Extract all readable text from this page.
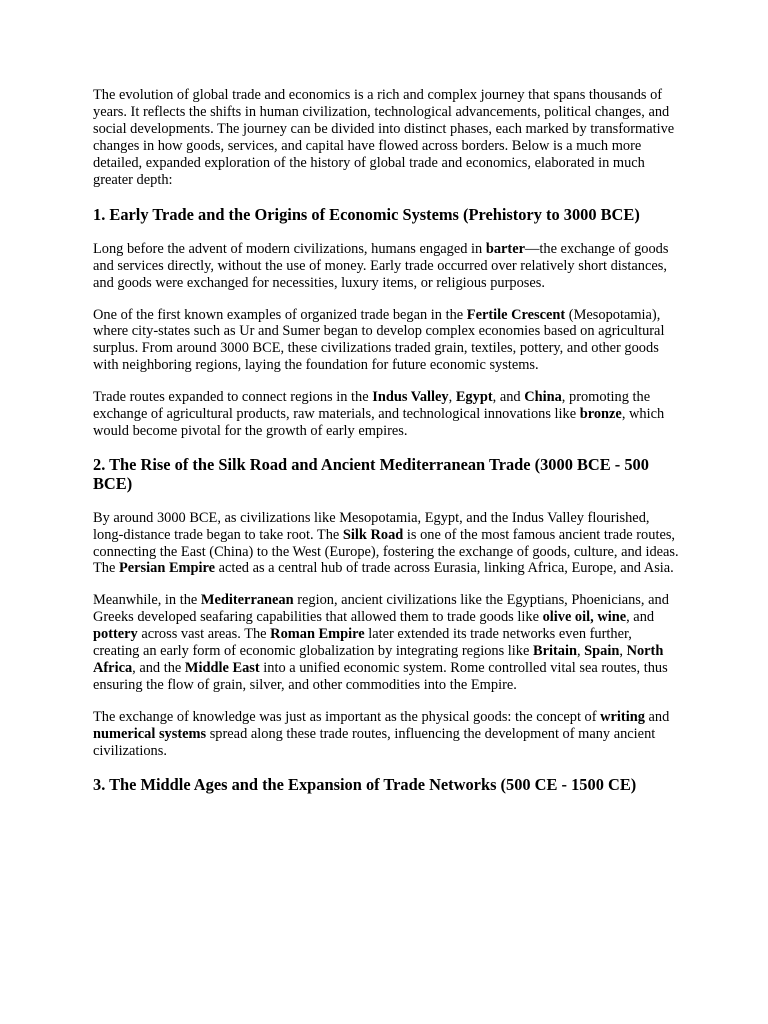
The evolution of global trade and economics is a rich and complex journey that spans thousands of years. It reflects the shifts in human civilization, technological advancements, political changes, and social developments. The journey can be divided into distinct phases, each marked by transformative changes in how goods, services, and capital have flowed across borders. Below is a much more detailed, expanded exploration of the history of global trade and economics, elaborated in much greater depth:

1. Early Trade and the Origins of Economic Systems (Prehistory to 3000 BCE)

Long before the advent of modern civilizations, humans engaged in barter—the exchange of goods and services directly, without the use of money. Early trade occurred over relatively short distances, and goods were exchanged for necessities, luxury items, or religious purposes.

One of the first known examples of organized trade began in the Fertile Crescent (Mesopotamia), where city-states such as Ur and Sumer began to develop complex economies based on agricultural surplus. From around 3000 BCE, these civilizations traded grain, textiles, pottery, and other goods with neighboring regions, laying the foundation for future economic systems.

Trade routes expanded to connect regions in the Indus Valley, Egypt, and China, promoting the exchange of agricultural products, raw materials, and technological innovations like bronze, which would become pivotal for the growth of early empires.

2. The Rise of the Silk Road and Ancient Mediterranean Trade (3000 BCE - 500 BCE)

By around 3000 BCE, as civilizations like Mesopotamia, Egypt, and the Indus Valley flourished, long-distance trade began to take root. The Silk Road is one of the most famous ancient trade routes, connecting the East (China) to the West (Europe), fostering the exchange of goods, culture, and ideas. The Persian Empire acted as a central hub of trade across Eurasia, linking Africa, Europe, and Asia.

Meanwhile, in the Mediterranean region, ancient civilizations like the Egyptians, Phoenicians, and Greeks developed seafaring capabilities that allowed them to trade goods like olive oil, wine, and pottery across vast areas. The Roman Empire later extended its trade networks even further, creating an early form of economic globalization by integrating regions like Britain, Spain, North Africa, and the Middle East into a unified economic system. Rome controlled vital sea routes, thus ensuring the flow of grain, silver, and other commodities into the Empire.

The exchange of knowledge was just as important as the physical goods: the concept of writing and numerical systems spread along these trade routes, influencing the development of many ancient civilizations.

3. The Middle Ages and the Expansion of Trade Networks (500 CE - 1500 CE)
